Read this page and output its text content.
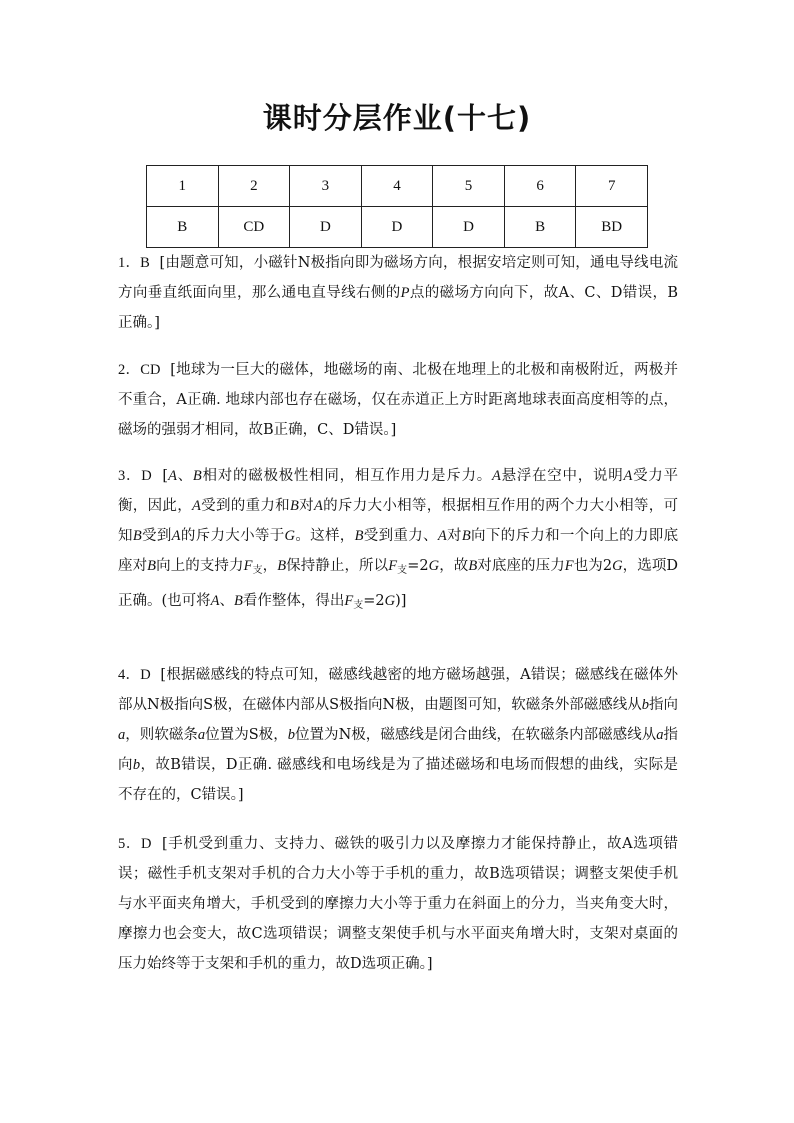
课时分层作业(十七)
1	2	3	4	5	6	7
B	CD	D	D	D	B	BD
1．B [由题意可知，小磁针N极指向即为磁场方向，根据安培定则可知，通电导线电流方向垂直纸面向里，那么通电直导线右侧的P点的磁场方向向下，故A、C、D错误，B正确。]
2．CD [地球为一巨大的磁体，地磁场的南、北极在地理上的北极和南极附近，两极并不重合，A正确. 地球内部也存在磁场，仅在赤道正上方时距离地球表面高度相等的点，磁场的强弱才相同，故B正确，C、D错误。]
3．D [A、B相对的磁极极性相同，相互作用力是斥力。A悬浮在空中，说明A受力平衡，因此，A受到的重力和B对A的斥力大小相等，根据相互作用的两个力大小相等，可知B受到A的斥力大小等于G。这样，B受到重力、A对B向下的斥力和一个向上的力即底座对B向上的支持力$F_支$，B保持静止，所以$F_支=2G$，故B对底座的压力F也为2G，选项D正确。(也可将A、B看作整体，得出$F_支=2G$)]
4．D [根据磁感线的特点可知，磁感线越密的地方磁场越强，A错误；磁感线在磁体外部从N极指向S极，在磁体内部从S极指向N极，由题图可知，软磁条外部磁感线从b指向a，则软磁条a位置为S极，b位置为N极，磁感线是闭合曲线，在软磁条内部磁感线从a指向b，故B错误，D正确. 磁感线和电场线是为了描述磁场和电场而假想的曲线，实际是不存在的，C错误。]
5．D [手机受到重力、支持力、磁铁的吸引力以及摩擦力才能保持静止，故A选项错误；磁性手机支架对手机的合力大小等于手机的重力，故B选项错误；调整支架使手机与水平面夹角增大，手机受到的摩擦力大小等于重力在斜面上的分力，当夹角变大时，摩擦力也会变大，故C选项错误；调整支架使手机与水平面夹角增大时，支架对桌面的压力始终等于支架和手机的重力，故D选项正确。]
